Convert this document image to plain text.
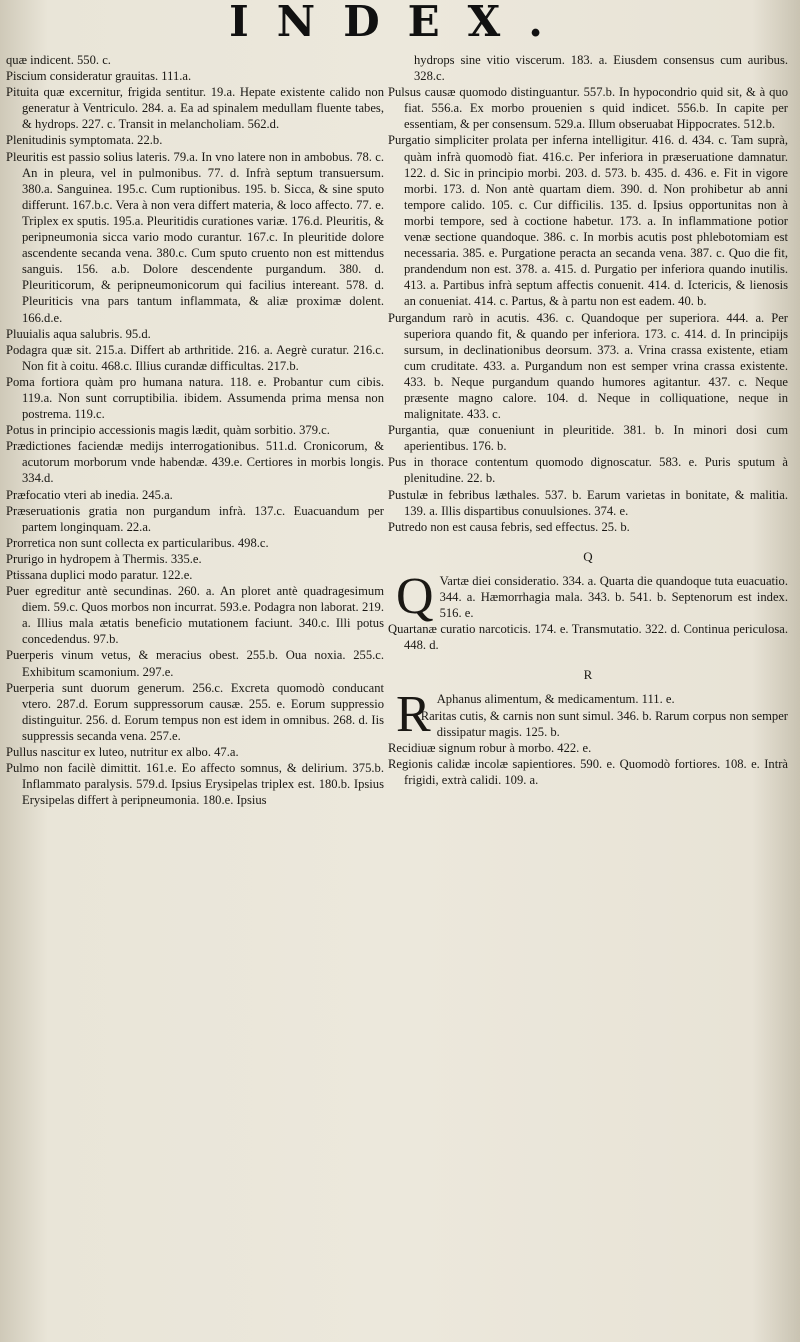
INDEX.

quæ indicent. 550. c.

Piscium consideratur grauitas. 111.a.

Pituita quæ excernitur, frigida sentitur. 19.a. Hepate existente calido non generatur à Ventriculo. 284. a. Ea ad spinalem medullam fluente tabes, & hydrops. 227. c. Transit in melancholiam. 562.d.

Plenitudinis symptomata. 22.b.

Pleuritis est passio solius lateris. 79.a. In vno latere non in ambobus. 78. c. An in pleura, vel in pulmonibus. 77. d. Infrà septum transuersum. 380.a. Sanguinea. 195.c. Cum ruptionibus. 195. b. Sicca, & sine sputo differunt. 167.b.c. Vera à non vera differt materia, & loco affecto. 77. e. Triplex ex sputis. 195.a. Pleuritidis curationes variæ. 176.d. Pleuritis, & peripneumonia sicca vario modo curantur. 167.c. In pleuritide dolore ascendente secanda vena. 380.c. Cum sputo cruento non est mittendus sanguis. 156. a.b. Dolore descendente purgandum. 380. d. Pleuriticorum, & peripneumonicorum qui facilius intereant. 578. d. Pleuriticis vna pars tantum inflammata, & aliæ proximæ dolent. 166.d.e.

Pluuialis aqua salubris. 95.d.

Podagra quæ sit. 215.a. Differt ab arthritide. 216. a. Aegrè curatur. 216.c. Non fit à coitu. 468.c. Illius curandæ difficultas. 217.b.

Poma fortiora quàm pro humana natura. 118. e. Probantur cum cibis. 119.a. Non sunt corruptibilia. ibidem. Assumenda prima mensa non postrema. 119.c.

Potus in principio accessionis magis lædit, quàm sorbitio. 379.c.

Prædictiones faciendæ medijs interrogationibus. 511.d. Cronicorum, & acutorum morborum vnde habendæ. 439.e. Certiores in morbis longis. 334.d.

Præfocatio vteri ab inedia. 245.a.

Præseruationis gratia non purgandum infrà. 137.c. Euacuandum per partem longinquam. 22.a.

Prorretica non sunt collecta ex particularibus. 498.c.

Prurigo in hydropem à Thermis. 335.e.

Ptissana duplici modo paratur. 122.e.

Puer egreditur antè secundinas. 260. a. An ploret antè quadragesimum diem. 59.c. Quos morbos non incurrat. 593.e. Podagra non laborat. 219. a. Illius mala ætatis beneficio mutationem faciunt. 340.c. Illi potus concedendus. 97.b.

Puerperis vinum vetus, & meracius obest. 255.b. Oua noxia. 255.c. Exhibitum scamonium. 297.e.

Puerperia sunt duorum generum. 256.c. Excreta quomodò conducant vtero. 287.d. Eorum suppressorum causæ. 255. e. Eorum suppressio distinguitur. 256. d. Eorum tempus non est idem in omnibus. 268. d. Iis suppressis secanda vena. 257.e.

Pullus nascitur ex luteo, nutritur ex albo. 47.a.

Pulmo non facilè dimittit. 161.e. Eo affecto somnus, & delirium. 375.b. Inflammato paralysis. 579.d. Ipsius Erysipelas triplex est. 180.b. Ipsius Erysipelas differt à peripneumonia. 180.e. Ipsius

hydrops sine vitio viscerum. 183. a. Eiusdem consensus cum auribus. 328.c.

Pulsus causæ quomodo distinguantur. 557.b. In hypocondrio quid sit, & à quo fiat. 556.a. Ex morbo prouenien s quid indicet. 556.b. In capite per essentiam, & per consensum. 529.a. Illum obseruabat Hippocrates. 512.b.

Purgatio simpliciter prolata per inferna intelligitur. 416. d. 434. c. Tam suprà, quàm infrà quomodò fiat. 416.c. Per inferiora in præseruatione damnatur. 122. d. Sic in principio morbi. 203. d. 573. b. 435. d. 436. e. Fit in vigore morbi. 173. d. Non antè quartam diem. 390. d. Non prohibetur ab anni tempore calido. 105. c. Cur difficilis. 135. d. Ipsius opportunitas non à morbi tempore, sed à coctione habetur. 173. a. In inflammatione potior venæ sectione quandoque. 386. c. In morbis acutis post phlebotomiam est necessaria. 385. e. Purgatione peracta an secanda vena. 387. c. Quo die fit, prandendum non est. 378. a. 415. d. Purgatio per inferiora quando inutilis. 413. a. Partibus infrà septum affectis conuenit. 414. d. Ictericis, & lienosis an conueniat. 414. c. Partus, & à partu non est eadem. 40. b.

Purgandum rarò in acutis. 436. c. Quandoque per superiora. 444. a. Per superiora quando fit, & quando per inferiora. 173. c. 414. d. In principijs sursum, in declinationibus deorsum. 373. a. Vrina crassa existente, etiam cum cruditate. 433. a. Purgandum non est semper vrina crassa existente. 433. b. Neque purgandum quando humores agitantur. 437. c. Neque præsente magno calore. 104. d. Neque in colliquatione, neque in malignitate. 433. c.

Purgantia, quæ conueniunt in pleuritide. 381. b. In minori dosi cum aperientibus. 176. b.

Pus in thorace contentum quomodo dignoscatur. 583. e. Puris sputum à plenitudine. 22. b.

Pustulæ in febribus læthales. 537. b. Earum varietas in bonitate, & malitia. 139. a. Illis dispartibus conuulsiones. 374. e.

Putredo non est causa febris, sed effectus. 25. b.

Q
Q Vartæ diei consideratio. 334. a. Quarta die quandoque tuta euacuatio. 344. a. Hæmorrhagia mala. 343. b. 541. b. Septenorum est index. 516. e.

Quartanæ curatio narcoticis. 174. e. Transmutatio. 322. d. Continua periculosa. 448. d.

R
R Aphanus alimentum, & medicamentum. 111. e.

Raritas cutis, & carnis non sunt simul. 346. b. Rarum corpus non semper dissipatur magis. 125. b.

Recidiuæ signum robur à morbo. 422. e.

Regionis calidæ incolæ sapientiores. 590. e. Quomodò fortiores. 108. e. Intrà frigidi, extrà calidi. 109. a.
